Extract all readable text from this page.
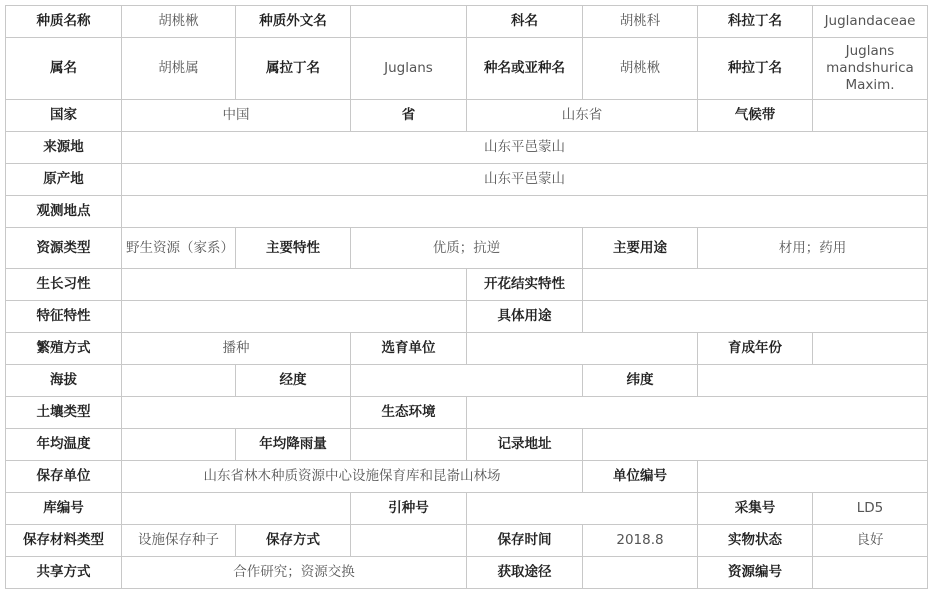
种质名称	胡桃楸	种质外文名		科名	胡桃科	科拉丁名	Juglandaceae
属名	胡桃属	属拉丁名	Juglans	种名或亚种名	胡桃楸	种拉丁名	Juglans mandshurica Maxim.
国家	中国		省	山东省		气候带	
来源地	山东平邑蒙山						
原产地	山东平邑蒙山						
观测地点							
资源类型	野生资源（家系）	主要特性	优质；抗逆		主要用途	材用；药用	
生长习性				开花结实特性			
特征特性				具体用途			
繁殖方式	播种		选育单位			育成年份	
海拔		经度			纬度		
土壤类型			生态环境				
年均温度		年均降雨量		记录地址			
保存单位	山东省林木种质资源中心设施保育库和昆嵛山林场				单位编号		
库编号			引种号			采集号	LD5
保存材料类型	设施保存种子	保存方式		保存时间	2018.8	实物状态	良好
共享方式	合作研究；资源交换			获取途径		资源编号	
